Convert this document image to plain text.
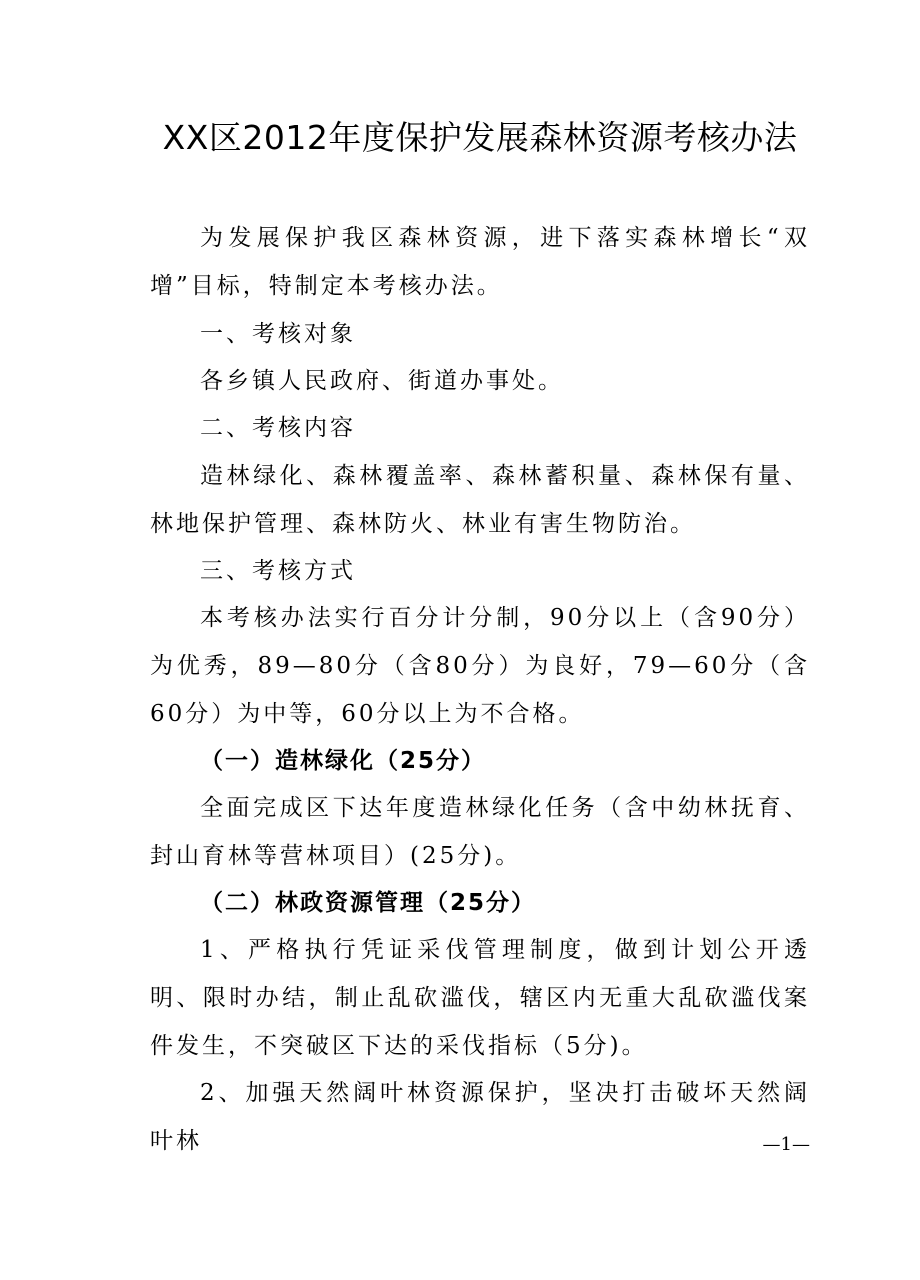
XX区2012年度保护发展森林资源考核办法
为发展保护我区森林资源，进下落实森林增长“双增”目标，特制定本考核办法。
一、考核对象
各乡镇人民政府、街道办事处。
二、考核内容
造林绿化、森林覆盖率、森林蓄积量、森林保有量、林地保护管理、森林防火、林业有害生物防治。
三、考核方式
本考核办法实行百分计分制，90分以上（含90分）为优秀，89—80分（含80分）为良好，79—60分（含60分）为中等，60分以上为不合格。
（一）造林绿化（25分）
全面完成区下达年度造林绿化任务（含中幼林抚育、封山育林等营林项目）(25分)。
（二）林政资源管理（25分）
1、严格执行凭证采伐管理制度，做到计划公开透明、限时办结，制止乱砍滥伐，辖区内无重大乱砍滥伐案件发生，不突破区下达的采伐指标（5分)。
2、加强天然阔叶林资源保护，坚决打击破坏天然阔叶林	—1—
